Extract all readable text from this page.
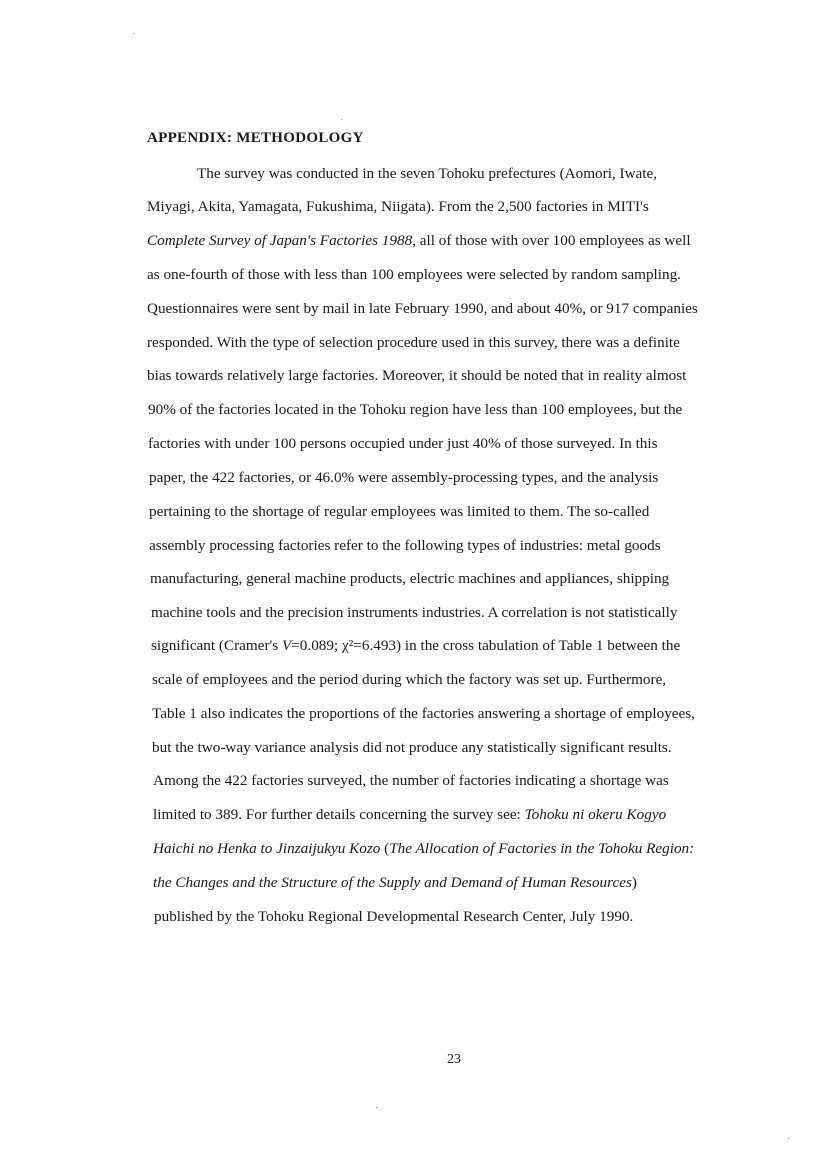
APPENDIX: METHODOLOGY
The survey was conducted in the seven Tohoku prefectures (Aomori, Iwate,
Miyagi, Akita, Yamagata, Fukushima, Niigata). From the 2,500 factories in MITI's
Complete Survey of Japan's Factories 1988, all of those with over 100 employees as well
as one-fourth of those with less than 100 employees were selected by random sampling.
Questionnaires were sent by mail in late February 1990, and about 40%, or 917 companies
responded. With the type of selection procedure used in this survey, there was a definite
bias towards relatively large factories. Moreover, it should be noted that in reality almost
90% of the factories located in the Tohoku region have less than 100 employees, but the
factories with under 100 persons occupied under just 40% of those surveyed. In this
paper, the 422 factories, or 46.0% were assembly-processing types, and the analysis
pertaining to the shortage of regular employees was limited to them. The so-called
assembly processing factories refer to the following types of industries: metal goods
manufacturing, general machine products, electric machines and appliances, shipping
machine tools and the precision instruments industries. A correlation is not statistically
significant (Cramer's V=0.089; χ²=6.493) in the cross tabulation of Table 1 between the
scale of employees and the period during which the factory was set up. Furthermore,
Table 1 also indicates the proportions of the factories answering a shortage of employees,
but the two-way variance analysis did not produce any statistically significant results.
Among the 422 factories surveyed, the number of factories indicating a shortage was
limited to 389. For further details concerning the survey see: Tohoku ni okeru Kogyo
Haichi no Henka to Jinzaijukyu Kozo (The Allocation of Factories in the Tohoku Region:
the Changes and the Structure of the Supply and Demand of Human Resources)
published by the Tohoku Regional Developmental Research Center, July 1990.
23
